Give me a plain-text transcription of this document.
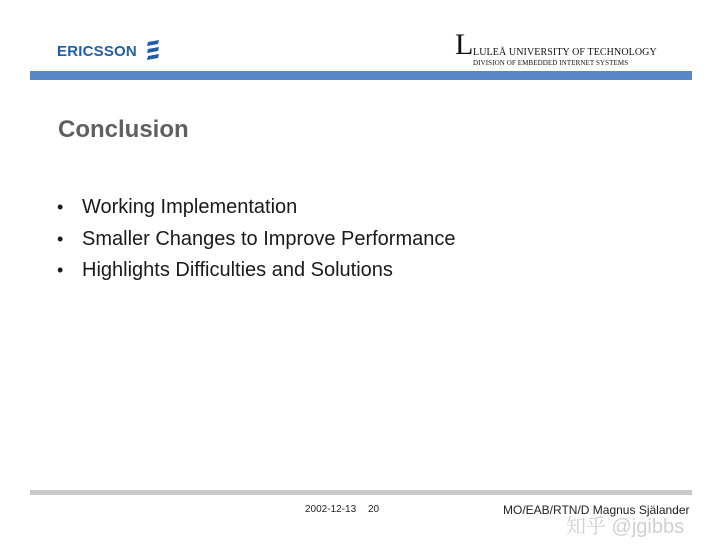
ERICSSON	L LULEÅ UNIVERSITY OF TECHNOLOGY
DIVISION OF EMBEDDED INTERNET SYSTEMS
Conclusion
• Working Implementation
• Smaller Changes to Improve Performance
• Highlights Difficulties and Solutions
2002-12-13 20	MO/EAB/RTN/D Magnus Själander
知乎 @jgibbs
